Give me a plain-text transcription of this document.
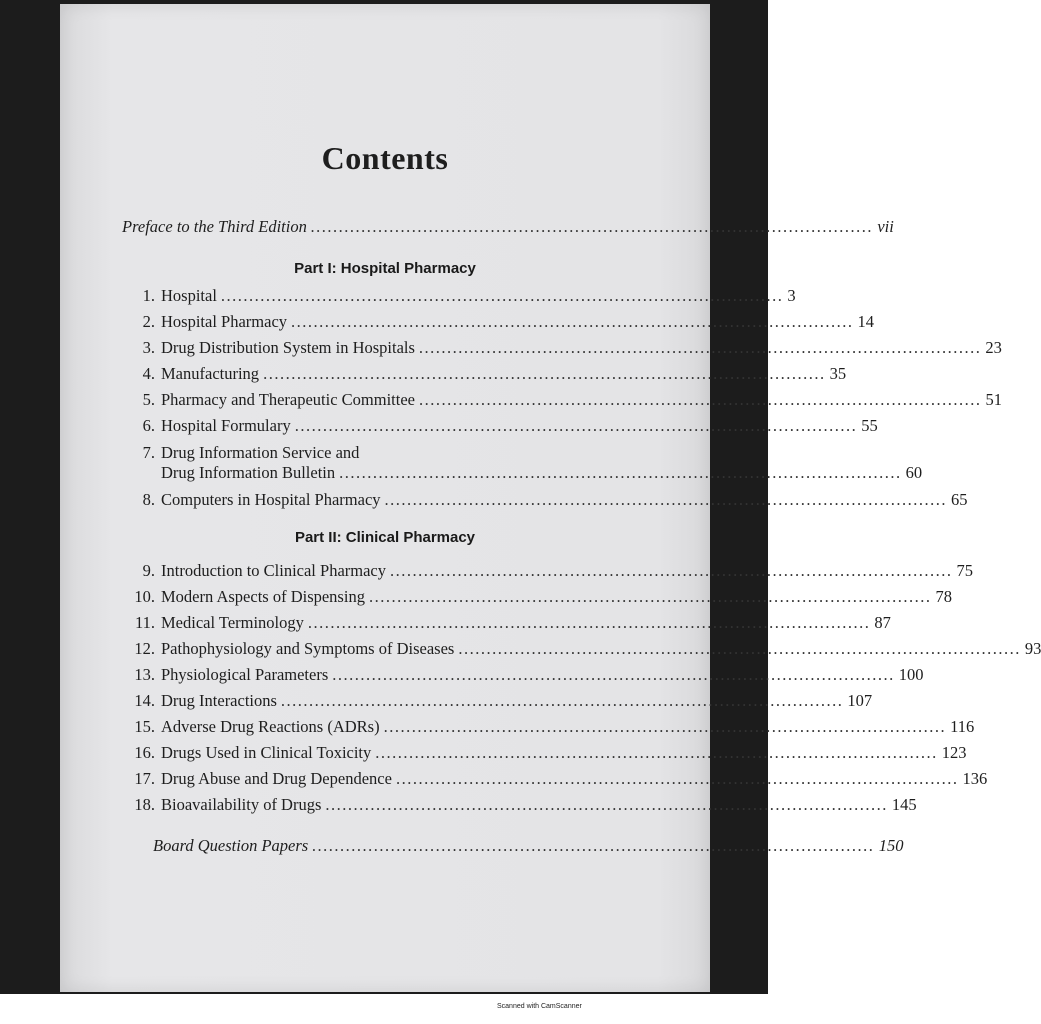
Contents
Preface to the Third Edition .................................................................................................... vii
Part I: Hospital Pharmacy
1. Hospital .................................................................................................... 3
2. Hospital Pharmacy .................................................................................................... 14
3. Drug Distribution System in Hospitals .................................................................................................... 23
4. Manufacturing .................................................................................................... 35
5. Pharmacy and Therapeutic Committee .................................................................................................... 51
6. Hospital Formulary .................................................................................................... 55
7. Drug Information Service and
Drug Information Bulletin .................................................................................................... 60
8. Computers in Hospital Pharmacy .................................................................................................... 65
Part II: Clinical Pharmacy
9. Introduction to Clinical Pharmacy .................................................................................................... 75
10. Modern Aspects of Dispensing .................................................................................................... 78
11. Medical Terminology .................................................................................................... 87
12. Pathophysiology and Symptoms of Diseases .................................................................................................... 93
13. Physiological Parameters .................................................................................................... 100
14. Drug Interactions .................................................................................................... 107
15. Adverse Drug Reactions (ADRs) .................................................................................................... 116
16. Drugs Used in Clinical Toxicity .................................................................................................... 123
17. Drug Abuse and Drug Dependence .................................................................................................... 136
18. Bioavailability of Drugs .................................................................................................... 145
Board Question Papers .................................................................................................... 150
Scanned with CamScanner
